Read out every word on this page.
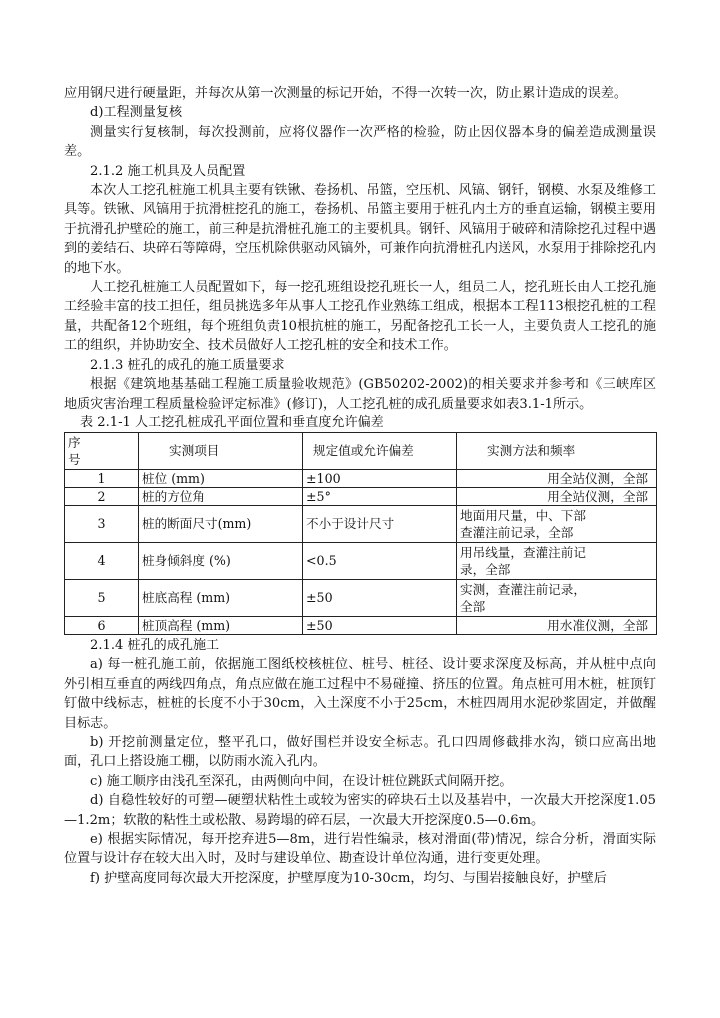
应用钢尺进行硬量距，并每次从第一次测量的标记开始，不得一次转一次，防止累计造成的误差。

d)工程测量复核

测量实行复核制，每次投测前，应将仪器作一次严格的检验，防止因仪器本身的偏差造成测量误差。

2.1.2 施工机具及人员配置

本次人工挖孔桩施工机具主要有铁锹、卷扬机、吊篮，空压机、风镐、钢钎，钢模、水泵及维修工具等。铁锹、风镐用于抗滑桩挖孔的施工，卷扬机、吊篮主要用于桩孔内土方的垂直运输，钢模主要用于抗滑孔护壁砼的施工，前三种是抗滑桩孔施工的主要机具。钢钎、风镐用于破碎和清除挖孔过程中遇到的姜结石、块碎石等障碍，空压机除供驱动风镐外，可兼作向抗滑桩孔内送风，水泵用于排除挖孔内的地下水。

人工挖孔桩施工人员配置如下，每一挖孔班组设挖孔班长一人，组员二人，挖孔班长由人工挖孔施工经验丰富的技工担任，组员挑选多年从事人工挖孔作业熟练工组成，根据本工程113根挖孔桩的工程量，共配备12个班组，每个班组负责10根抗桩的施工，另配备挖孔工长一人，主要负责人工挖孔的施工的组织，并协助安全、技术员做好人工挖孔桩的安全和技术工作。

2.1.3 桩孔的成孔的施工质量要求

根据《建筑地基基础工程施工质量验收规范》(GB50202-2002)的相关要求并参考和《三峡库区地质灾害治理工程质量检验评定标准》(修订)，人工挖孔桩的成孔质量要求如表3.1-1所示。

表 2.1-1 人工挖孔桩成孔平面位置和垂直度允许偏差
序
号	实测项目	规定值或允许偏差	实测方法和频率
1	桩位 (mm)	±100	用全站仪测，全部
2	桩的方位角	±5°	用全站仪测，全部
3	桩的断面尺寸(mm)	不小于设计尺寸	地面用尺量，中、下部
查灌注前记录，全部

4	桩身倾斜度 (%)	<0.5	用吊线量，查灌注前记
录，全部

5	桩底高程 (mm)	±50	实测，查灌注前记录，
全部

6	桩顶高程 (mm)	±50	用水准仪测，全部

2.1.4 桩孔的成孔施工

a) 每一桩孔施工前，依据施工图纸校核桩位、桩号、桩径、设计要求深度及标高，并从桩中点向外引相互垂直的两线四角点，角点应做在施工过程中不易碰撞、挤压的位置。角点桩可用木桩，桩顶钉钉做中线标志，桩桩的长度不小于30cm，入土深度不小于25cm，木桩四周用水泥砂浆固定，并做醒目标志。

b) 开挖前测量定位，整平孔口，做好围栏并设安全标志。孔口四周修截排水沟，锁口应高出地面，孔口上搭设施工棚，以防雨水流入孔内。

c) 施工顺序由浅孔至深孔，由两侧向中间，在设计桩位跳跃式间隔开挖。

d) 自稳性较好的可塑—硬塑状粘性土或较为密实的碎块石土以及基岩中，一次最大开挖深度1.05—1.2m；软散的粘性土或松散、易跨塌的碎石层，一次最大开挖深度0.5—0.6m。

e) 根据实际情况，每开挖弃进5—8m，进行岩性编录，核对滑面(带)情况，综合分析，滑面实际位置与设计存在较大出入时，及时与建设单位、勘查设计单位沟通，进行变更处理。

f) 护壁高度同每次最大开挖深度，护壁厚度为10-30cm，均匀、与围岩接触良好，护壁后
